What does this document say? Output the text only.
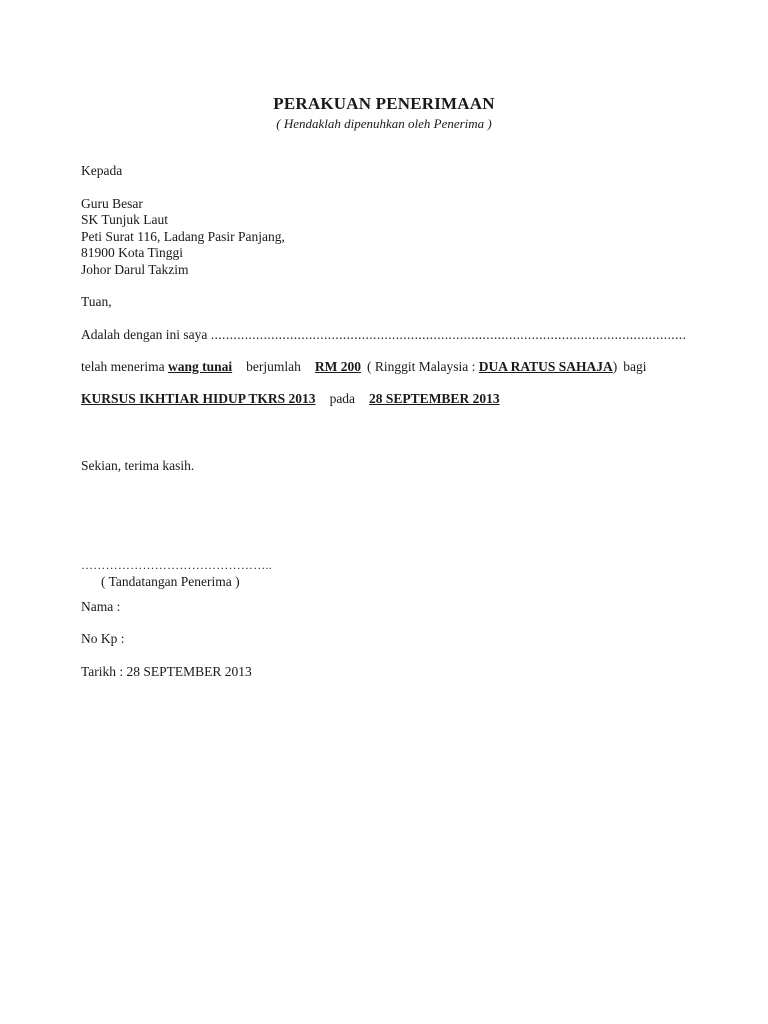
PERAKUAN PENERIMAAN
( Hendaklah dipenuhkan oleh Penerima )
Kepada
Guru Besar
SK Tunjuk Laut
Peti Surat 116, Ladang Pasir Panjang,
81900 Kota Tinggi
Johor Darul Takzim
Tuan,
Adalah dengan ini saya ..............................................................................................................................
telah menerima wang tunai berjumlah RM 200 ( Ringgit Malaysia : DUA RATUS SAHAJA) bagi
KURSUS IKHTIAR HIDUP TKRS 2013 pada 28 SEPTEMBER 2013
Sekian, terima kasih.
………………………………………..
( Tandatangan Penerima )
Nama :
No Kp :
Tarikh : 28 SEPTEMBER 2013
